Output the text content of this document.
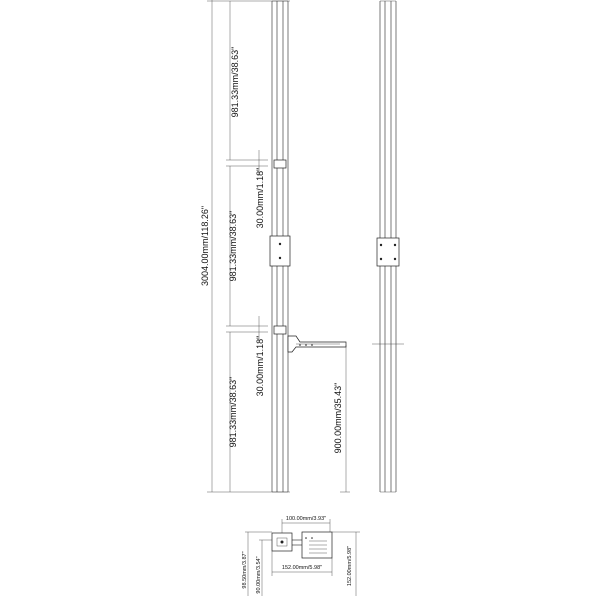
3004.00mm/118.26"
981.33mm/38.63"
981.33mm/38.63"
981.33mm/38.63"
30.00mm/1.18"
30.00mm/1.18"
900.00mm/35.43"
100.00mm/3.93"
98.50mm/3.87" 90.00mm/3.54"	152.00mm/5.98"	152.00mm/5.98"
